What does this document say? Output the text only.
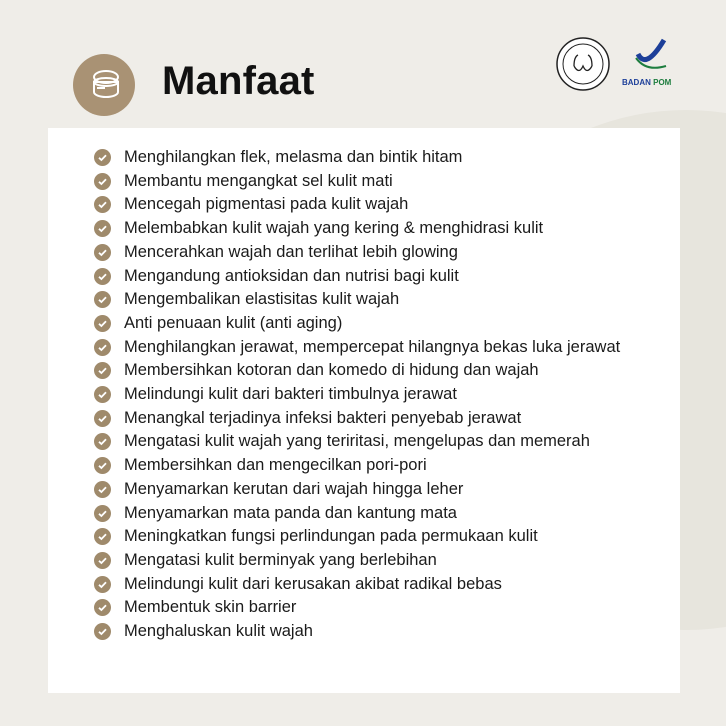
Manfaat	BADAN POM
Menghilangkan flek, melasma dan bintik hitam
Membantu mengangkat sel kulit mati
Mencegah pigmentasi pada kulit wajah
Melembabkan kulit wajah yang kering & menghidrasi kulit
Mencerahkan wajah dan terlihat lebih glowing
Mengandung antioksidan dan nutrisi bagi kulit
Mengembalikan elastisitas kulit wajah
Anti penuaan kulit (anti aging)
Menghilangkan jerawat, mempercepat hilangnya bekas luka jerawat
Membersihkan kotoran dan komedo di hidung dan wajah
Melindungi kulit dari bakteri timbulnya jerawat
Menangkal terjadinya infeksi bakteri penyebab jerawat
Mengatasi kulit wajah yang teriritasi, mengelupas dan memerah
Membersihkan dan mengecilkan pori-pori
Menyamarkan kerutan dari wajah hingga leher
Menyamarkan mata panda dan kantung mata
Meningkatkan fungsi perlindungan pada permukaan kulit
Mengatasi kulit berminyak yang berlebihan
Melindungi kulit dari kerusakan akibat radikal bebas
Membentuk skin barrier
Menghaluskan kulit wajah
